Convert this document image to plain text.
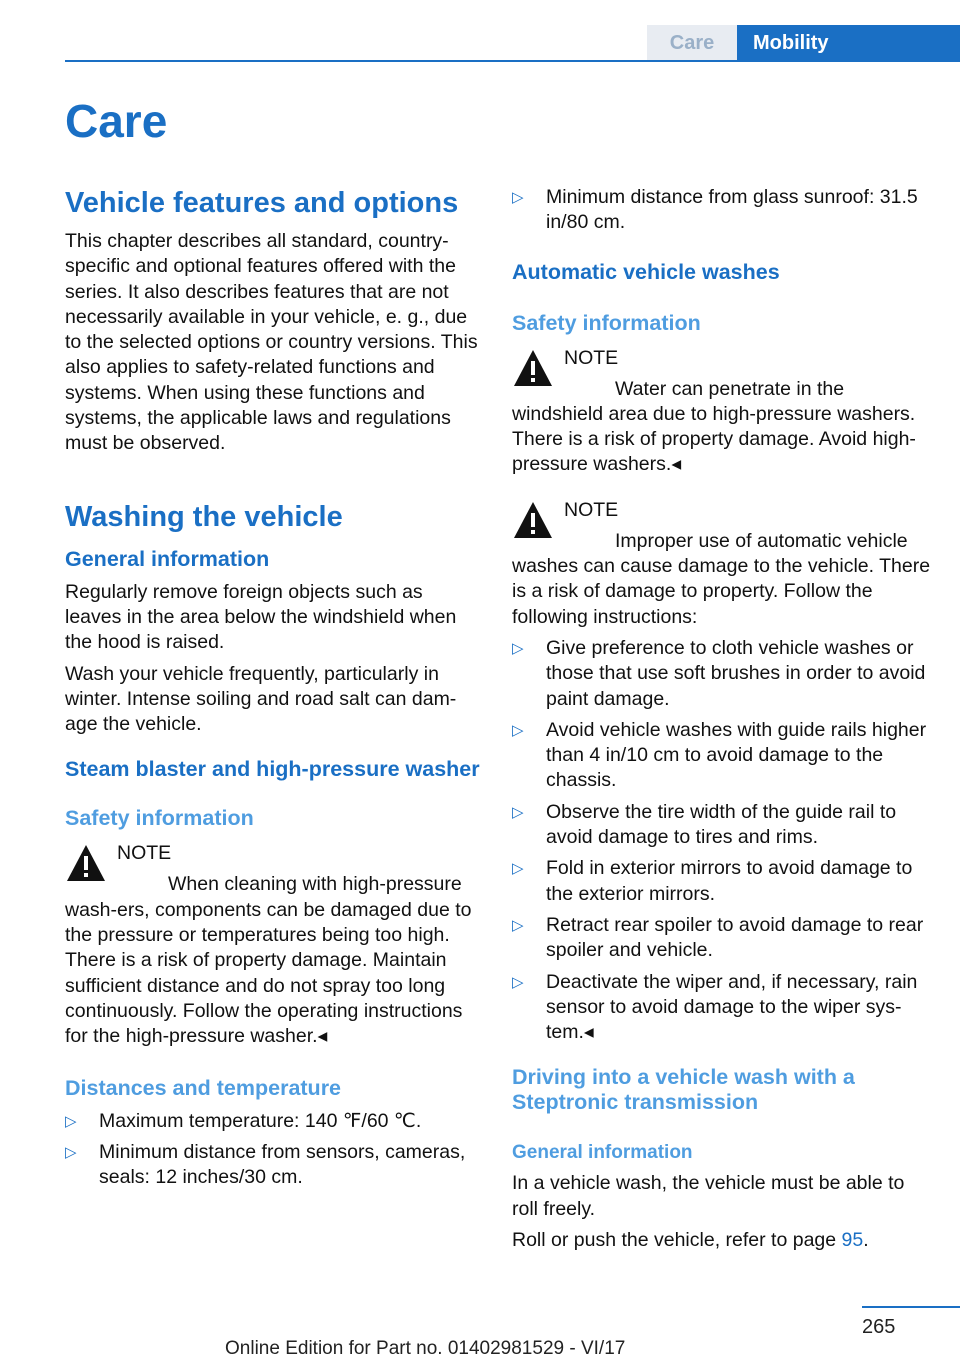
Care	Mobility
Care
Vehicle features and options

This chapter describes all standard, country-specific and optional features offered with the series. It also describes features that are not necessarily available in your vehicle, e. g., due to the selected options or country versions. This also applies to safety-related functions and systems. When using these functions and systems, the applicable laws and regulations must be observed.

Washing the vehicle
General information

Regularly remove foreign objects such as leaves in the area below the windshield when the hood is raised.

Wash your vehicle frequently, particularly in winter. Intense soiling and road salt can dam-age the vehicle.

Steam blaster and high-pressure washer
Safety information
NOTE

When cleaning with high-pressure wash-ers, components can be damaged due to the pressure or temperatures being too high. There is a risk of property damage. Maintain sufficient distance and do not spray too long continuously. Follow the operating instructions for the high-pressure washer.◂

Distances and temperature
▷ Maximum temperature: 140 ℉/60 ℃.
▷ Minimum distance from sensors, cameras, seals: 12 inches/30 cm.
▷ Minimum distance from glass sunroof: 31.5 in/80 cm.
Automatic vehicle washes
Safety information
NOTE

Water can penetrate in the windshield area due to high-pressure washers. There is a risk of property damage. Avoid high-pressure washers.◂

NOTE

Improper use of automatic vehicle washes can cause damage to the vehicle. There is a risk of damage to property. Follow the following instructions:

▷ Give preference to cloth vehicle washes or those that use soft brushes in order to avoid paint damage.
▷ Avoid vehicle washes with guide rails higher than 4 in/10 cm to avoid damage to the chassis.
▷ Observe the tire width of the guide rail to avoid damage to tires and rims.
▷ Fold in exterior mirrors to avoid damage to the exterior mirrors.
▷ Retract rear spoiler to avoid damage to rear spoiler and vehicle.
▷ Deactivate the wiper and, if necessary, rain sensor to avoid damage to the wiper sys-tem.◂
Driving into a vehicle wash with a Steptronic transmission
General information

In a vehicle wash, the vehicle must be able to roll freely.

Roll or push the vehicle, refer to page 95.

265
Online Edition for Part no. 01402981529 - VI/17
